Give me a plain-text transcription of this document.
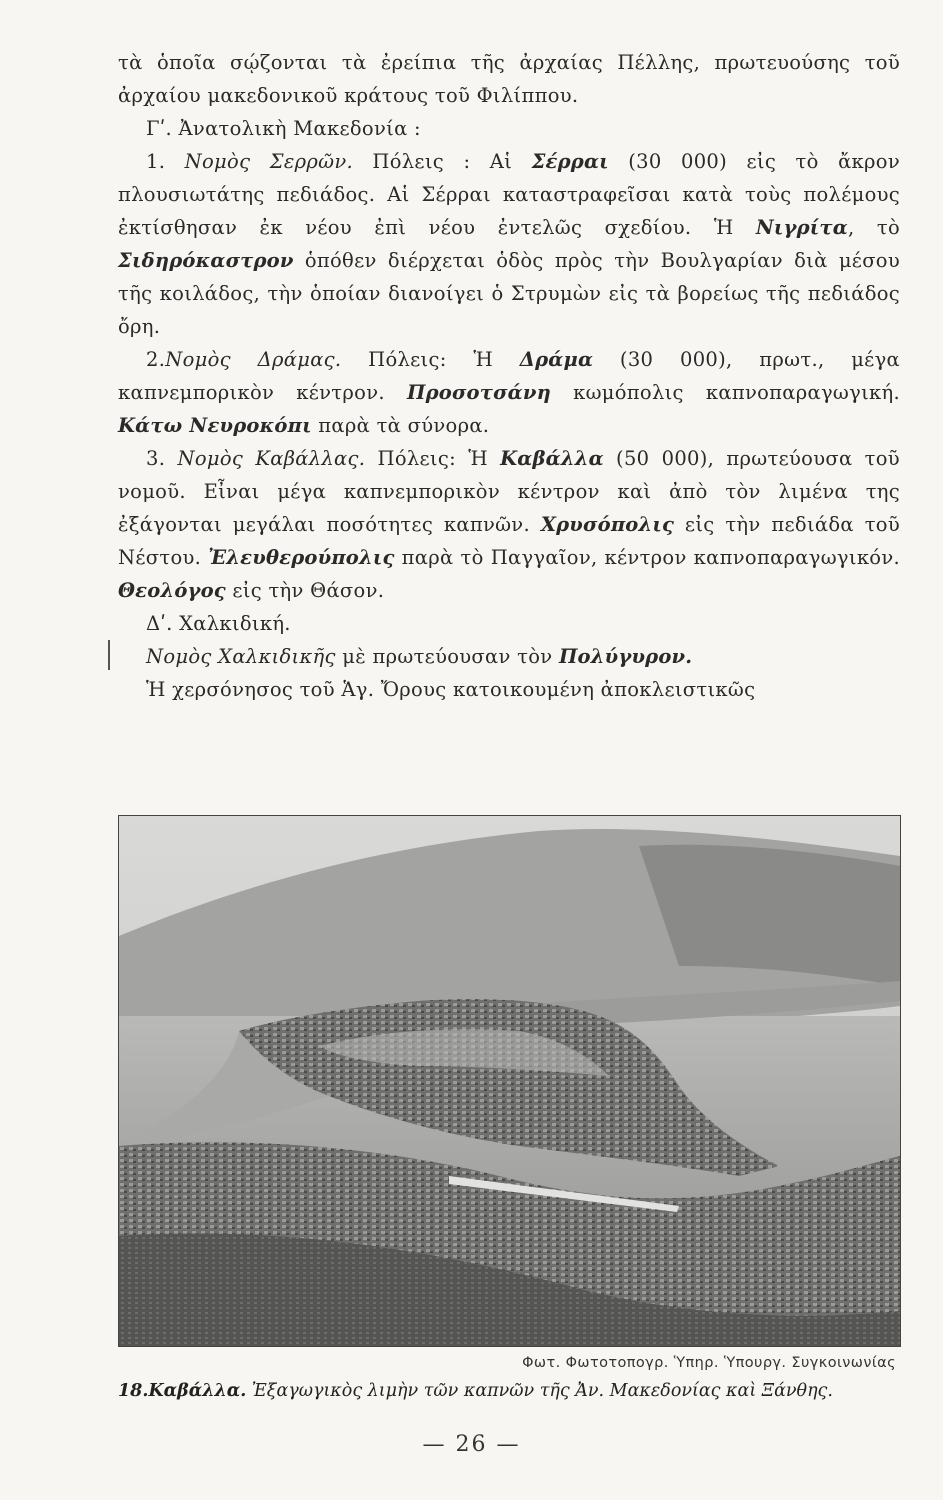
τὰ ὁποῖα σῴζονται τὰ ἐρείπια τῆς ἀρχαίας Πέλλης, πρωτευούσης τοῦ ἀρχαίου μακεδονικοῦ κράτους τοῦ Φιλίππου.

Γʹ. Ἀνατολικὴ Μακεδονία :

1. Νομὸς Σερρῶν. Πόλεις : Αἱ Σέρραι (30 000) εἰς τὸ ἄκρον πλουσιωτάτης πεδιάδος. Αἱ Σέρραι καταστραφεῖσαι κατὰ τοὺς πολέμους ἐκτίσθησαν ἐκ νέου ἐπὶ νέου ἐντελῶς σχεδίου. Ἡ Νιγρίτα, τὸ Σιδηρόκαστρον ὁπόθεν διέρχεται ὁδὸς πρὸς τὴν Βουλγαρίαν διὰ μέσου τῆς κοιλάδος, τὴν ὁποίαν διανοίγει ὁ Στρυμὼν εἰς τὰ βορείως τῆς πεδιάδος ὄρη.

2.Νομὸς Δράμας. Πόλεις: Ἡ Δράμα (30 000), πρωτ., μέγα καπνεμπορικὸν κέντρον. Προσοτσάνη κωμόπολις καπνοπαραγωγική. Κάτω Νευροκόπι παρὰ τὰ σύνορα.

3. Νομὸς Καβάλλας. Πόλεις: Ἡ Καβάλλα (50 000), πρωτεύουσα τοῦ νομοῦ. Εἶναι μέγα καπνεμπορικὸν κέντρον καὶ ἀπὸ τὸν λιμένα της ἐξάγονται μεγάλαι ποσότητες καπνῶν. Χρυσόπολις εἰς τὴν πεδιάδα τοῦ Νέστου. Ἐλευθερούπολις παρὰ τὸ Παγγαῖον, κέντρον καπνοπαραγωγικόν. Θεολόγος εἰς τὴν Θάσον.

Δʹ. Χαλκιδική.

Νομὸς Χαλκιδικῆς μὲ πρωτεύουσαν τὸν Πολύγυρον.

Ἡ χερσόνησος τοῦ Ἁγ. Ὄρους κατοικουμένη ἀποκλειστικῶς

Φωτ. Φωτοτοπογρ. Ὑπηρ. Ὑπουργ. Συγκοινωνίας
18.Καβάλλα. Ἐξαγωγικὸς λιμὴν τῶν καπνῶν τῆς Ἀν. Μακεδονίας καὶ Ξάνθης.
— 26 —
